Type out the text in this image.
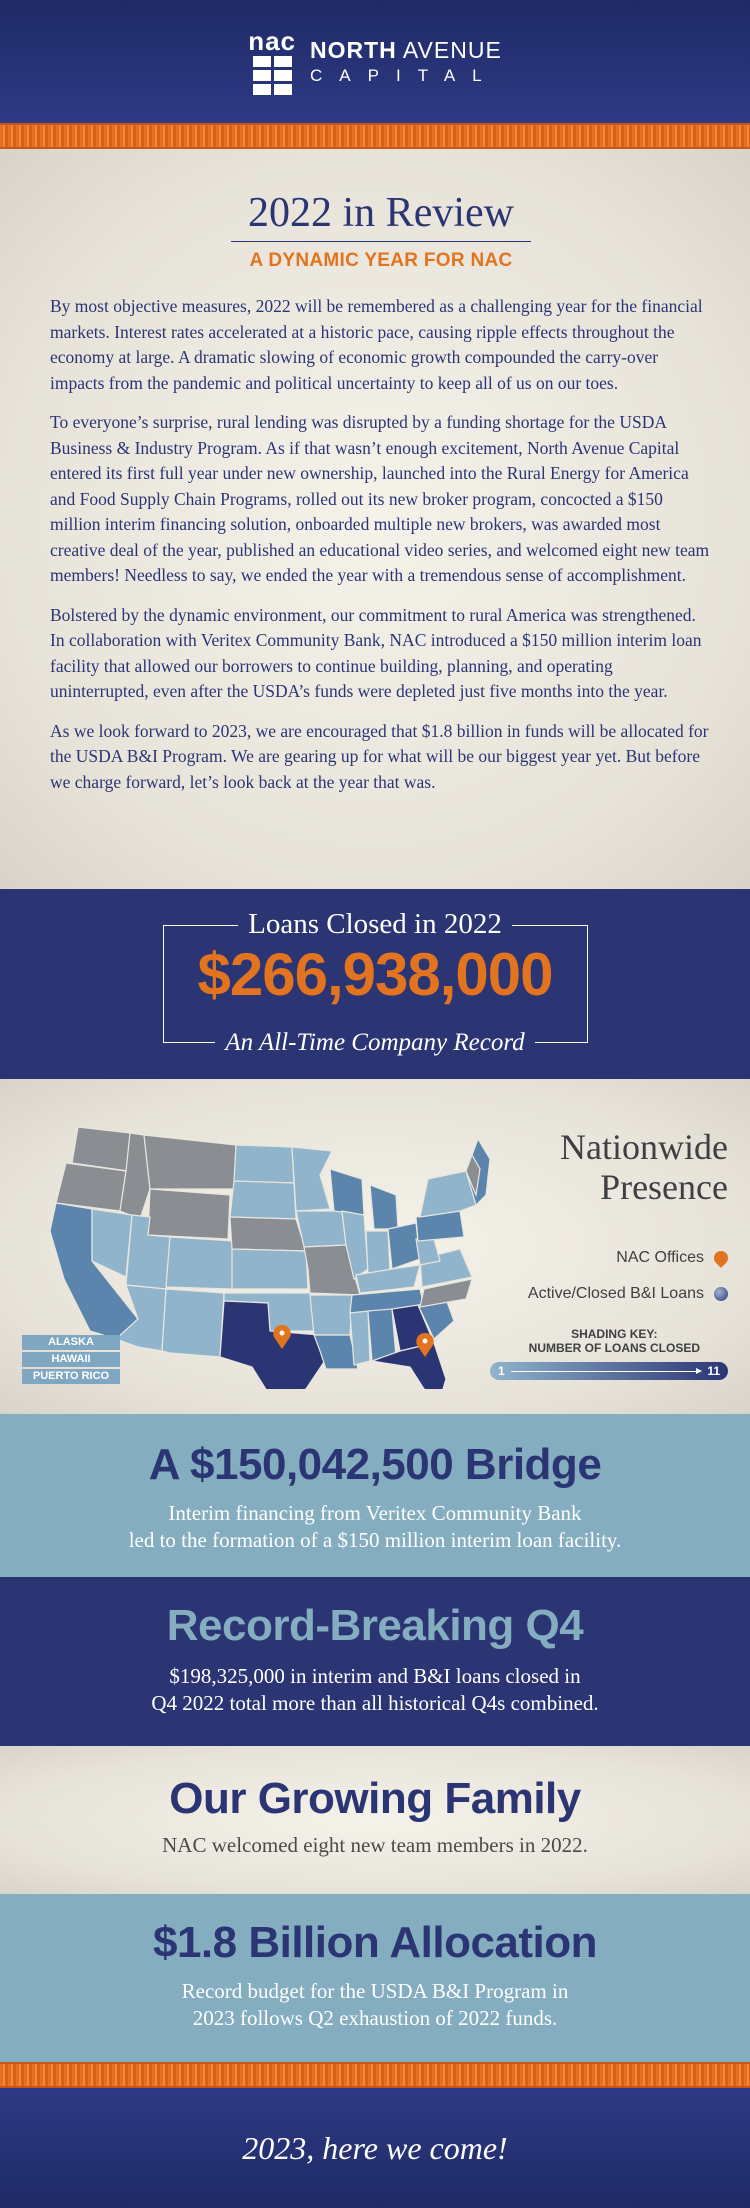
nac NORTH AVENUE
CAPITAL
2022 in Review
A DYNAMIC YEAR FOR NAC

By most objective measures, 2022 will be remembered as a challenging year for the financial markets. Interest rates accelerated at a historic pace, causing ripple effects throughout the economy at large. A dramatic slowing of economic growth compounded the carry-over impacts from the pandemic and political uncertainty to keep all of us on our toes.

To everyone’s surprise, rural lending was disrupted by a funding shortage for the USDA Business & Industry Program. As if that wasn’t enough excitement, North Avenue Capital entered its first full year under new ownership, launched into the Rural Energy for America and Food Supply Chain Programs, rolled out its new broker program, concocted a $150 million interim financing solution, onboarded multiple new brokers, was awarded most creative deal of the year, published an educational video series, and welcomed eight new team members! Needless to say, we ended the year with a tremendous sense of accomplishment.

Bolstered by the dynamic environment, our commitment to rural America was strengthened. In collaboration with Veritex Community Bank, NAC introduced a $150 million interim loan facility that allowed our borrowers to continue building, planning, and operating uninterrupted, even after the USDA’s funds were depleted just five months into the year.

As we look forward to 2023, we are encouraged that $1.8 billion in funds will be allocated for the USDA B&I Program. We are gearing up for what will be our biggest year yet. But before we charge forward, let’s look back at the year that was.

Loans Closed in 2022
$266,938,000
An All-Time Company Record
ALASKA
HAWAII
PUERTO RICO
Nationwide
Presence
NAC Offices
Active/Closed B&I Loans
SHADING KEY:
NUMBER OF LOANS CLOSED
1	11
A $150,042,500 Bridge

Interim financing from Veritex Community Bank
led to the formation of a $150 million interim loan facility.

Record-Breaking Q4

$198,325,000 in interim and B&I loans closed in
Q4 2022 total more than all historical Q4s combined.

Our Growing Family

NAC welcomed eight new team members in 2022.

$1.8 Billion Allocation

Record budget for the USDA B&I Program in
2023 follows Q2 exhaustion of 2022 funds.

2023, here we come!
